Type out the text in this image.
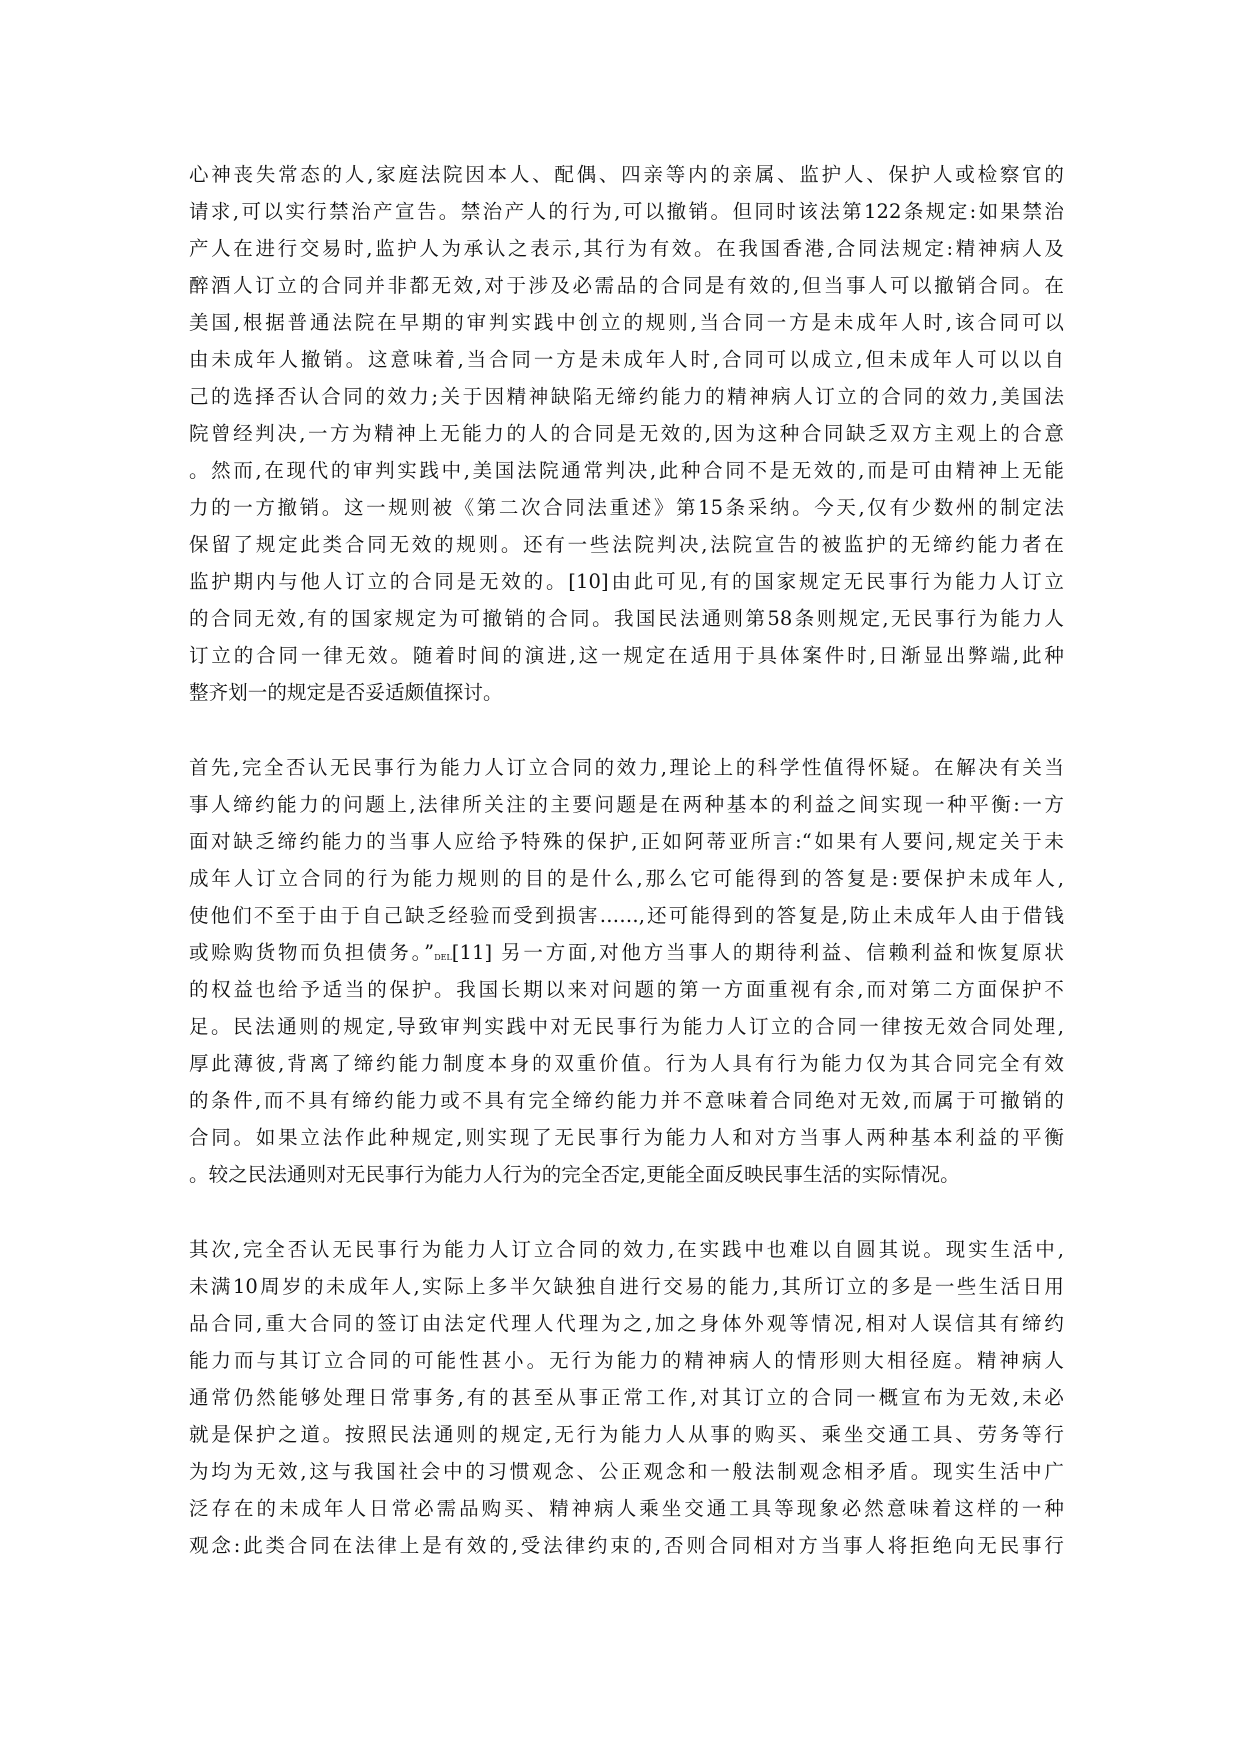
心神丧失常态的人,家庭法院因本人、配偶、四亲等内的亲属、监护人、保护人或检察官的
请求,可以实行禁治产宣告。禁治产人的行为,可以撤销。但同时该法第122条规定:如果禁治
产人在进行交易时,监护人为承认之表示,其行为有效。在我国香港,合同法规定:精神病人及
醉酒人订立的合同并非都无效,对于涉及必需品的合同是有效的,但当事人可以撤销合同。在
美国,根据普通法院在早期的审判实践中创立的规则,当合同一方是未成年人时,该合同可以
由未成年人撤销。这意味着,当合同一方是未成年人时,合同可以成立,但未成年人可以以自
己的选择否认合同的效力;关于因精神缺陷无缔约能力的精神病人订立的合同的效力,美国法
院曾经判决,一方为精神上无能力的人的合同是无效的,因为这种合同缺乏双方主观上的合意
。然而,在现代的审判实践中,美国法院通常判决,此种合同不是无效的,而是可由精神上无能
力的一方撤销。这一规则被《第二次合同法重述》第15条采纳。今天,仅有少数州的制定法
保留了规定此类合同无效的规则。还有一些法院判决,法院宣告的被监护的无缔约能力者在
监护期内与他人订立的合同是无效的。[10]由此可见,有的国家规定无民事行为能力人订立
的合同无效,有的国家规定为可撤销的合同。我国民法通则第58条则规定,无民事行为能力人
订立的合同一律无效。随着时间的演进,这一规定在适用于具体案件时,日渐显出弊端,此种
整齐划一的规定是否妥适颇值探讨。
首先,完全否认无民事行为能力人订立合同的效力,理论上的科学性值得怀疑。在解决有关当
事人缔约能力的问题上,法律所关注的主要问题是在两种基本的利益之间实现一种平衡:一方
面对缺乏缔约能力的当事人应给予特殊的保护,正如阿蒂亚所言:“如果有人要问,规定关于未
成年人订立合同的行为能力规则的目的是什么,那么它可能得到的答复是:要保护未成年人,
使他们不至于由于自己缺乏经验而受到损害……,还可能得到的答复是,防止未成年人由于借钱
或赊购货物而负担债务。”DEL[11] 另一方面,对他方当事人的期待利益、信赖利益和恢复原状
的权益也给予适当的保护。我国长期以来对问题的第一方面重视有余,而对第二方面保护不
足。民法通则的规定,导致审判实践中对无民事行为能力人订立的合同一律按无效合同处理,
厚此薄彼,背离了缔约能力制度本身的双重价值。行为人具有行为能力仅为其合同完全有效
的条件,而不具有缔约能力或不具有完全缔约能力并不意味着合同绝对无效,而属于可撤销的
合同。如果立法作此种规定,则实现了无民事行为能力人和对方当事人两种基本利益的平衡
。较之民法通则对无民事行为能力人行为的完全否定,更能全面反映民事生活的实际情况。
其次,完全否认无民事行为能力人订立合同的效力,在实践中也难以自圆其说。现实生活中,
未满10周岁的未成年人,实际上多半欠缺独自进行交易的能力,其所订立的多是一些生活日用
品合同,重大合同的签订由法定代理人代理为之,加之身体外观等情况,相对人误信其有缔约
能力而与其订立合同的可能性甚小。无行为能力的精神病人的情形则大相径庭。精神病人
通常仍然能够处理日常事务,有的甚至从事正常工作,对其订立的合同一概宣布为无效,未必
就是保护之道。按照民法通则的规定,无行为能力人从事的购买、乘坐交通工具、劳务等行
为均为无效,这与我国社会中的习惯观念、公正观念和一般法制观念相矛盾。现实生活中广
泛存在的未成年人日常必需品购买、精神病人乘坐交通工具等现象必然意味着这样的一种
观念:此类合同在法律上是有效的,受法律约束的,否则合同相对方当事人将拒绝向无民事行
